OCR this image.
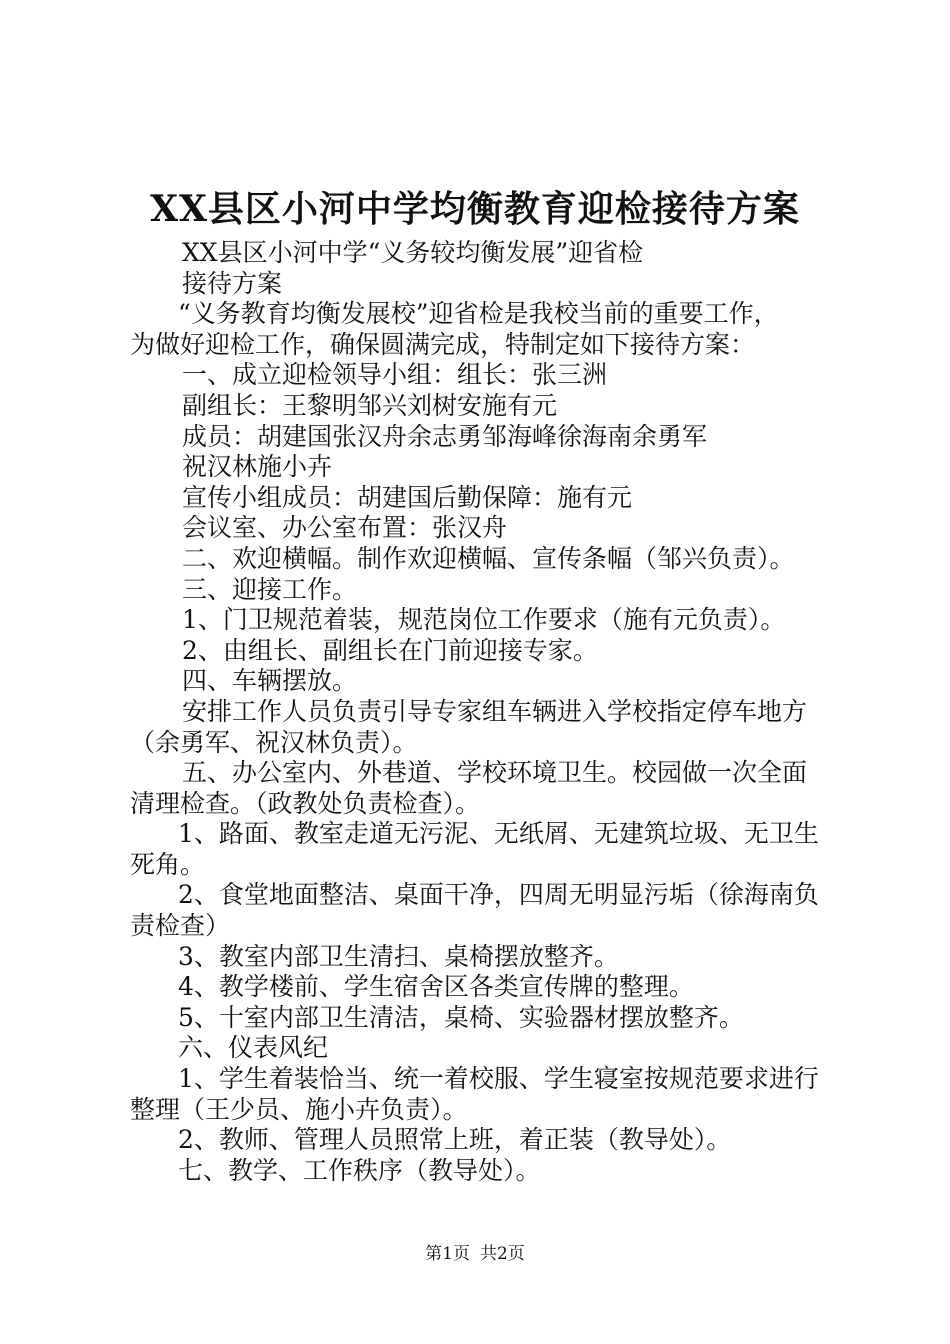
XX县区小河中学均衡教育迎检接待方案
XX县区小河中学“义务较均衡发展”迎省检
接待方案
“义务教育均衡发展校”迎省检是我校当前的重要工作，
为做好迎检工作，确保圆满完成，特制定如下接待方案：
一、成立迎检领导小组：组长：张三洲
副组长：王黎明邹兴刘树安施有元
成员：胡建国张汉舟余志勇邹海峰徐海南余勇军
祝汉林施小卉
宣传小组成员：胡建国后勤保障：施有元
会议室、办公室布置：张汉舟
二、欢迎横幅。制作欢迎横幅、宣传条幅（邹兴负责）。
三、迎接工作。
1、门卫规范着装，规范岗位工作要求（施有元负责）。
2、由组长、副组长在门前迎接专家。
四、车辆摆放。
安排工作人员负责引导专家组车辆进入学校指定停车地方
（余勇军、祝汉林负责）。
五、办公室内、外巷道、学校环境卫生。校园做一次全面
清理检查。（政教处负责检查）。
1、路面、教室走道无污泥、无纸屑、无建筑垃圾、无卫生
死角。
2、食堂地面整洁、桌面干净，四周无明显污垢（徐海南负
责检查）
3、教室内部卫生清扫、桌椅摆放整齐。
4、教学楼前、学生宿舍区各类宣传牌的整理。
5、十室内部卫生清洁，桌椅、实验器材摆放整齐。
六、仪表风纪
1、学生着装恰当、统一着校服、学生寝室按规范要求进行
整理（王少员、施小卉负责）。
2、教师、管理人员照常上班，着正装（教导处）。
七、教学、工作秩序（教导处）。
第1页 共2页
